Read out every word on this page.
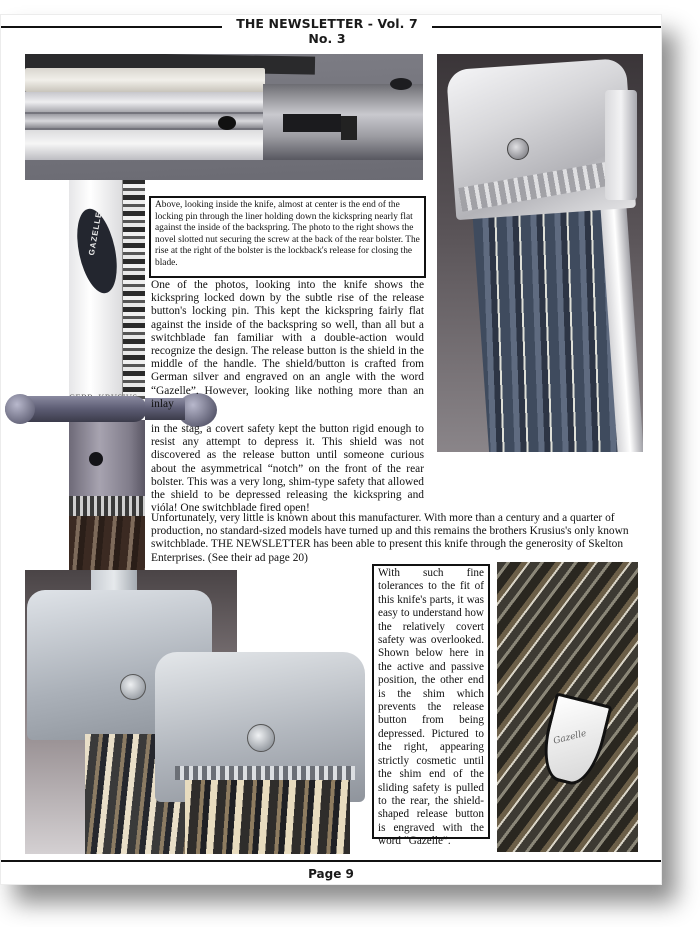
THE NEWSLETTER - Vol. 7 No. 3
GAZELLE
Above, looking inside the knife, almost at center is the end of the locking pin through the liner holding down the kickspring nearly flat against the inside of the backspring. The photo to the right shows the novel slotted nut securing the screw at the back of the rear bolster. The rise at the right of the bolster is the lockback's release for closing the blade.

One of the photos, looking into the knife shows the kickspring locked down by the subtle rise of the release button's locking pin. This kept the kickspring fairly flat against the inside of the backspring so well, than all but a switchblade fan familiar with a double-action would recognize the design. The release button is the shield in the middle of the handle. The shield/button is crafted from German silver and engraved on an angle with the word “Gazelle”. However, looking like nothing more than an inlay

in the stag, a covert safety kept the button rigid enough to resist any attempt to depress it. This shield was not discovered as the release button until someone curious about the asymmetrical “notch” on the front of the rear bolster. This was a very long, shim-type safety that allowed the shield to be depressed releasing the kickspring and vióla! One switchblade fired open!

Unfortunately, very little is known about this manufacturer. With more than a century and a quarter of production, no standard-sized models have turned up and this remains the brothers Krusius's only known switchblade. THE NEWSLETTER has been able to present this knife through the generosity of Skelton Enterprises. (See their ad page 20)

With such fine tolerances to the fit of this knife's parts, it was easy to understand how the relatively covert safety was overlooked. Shown below here in the active and passive position, the other end is the shim which prevents the release button from being depressed. Pictured to the right, appearing strictly cosmetic until the shim end of the sliding safety is pulled to the rear, the shield-shaped release button is engraved with the word “Gazelle”.
Gazelle
Page 9
